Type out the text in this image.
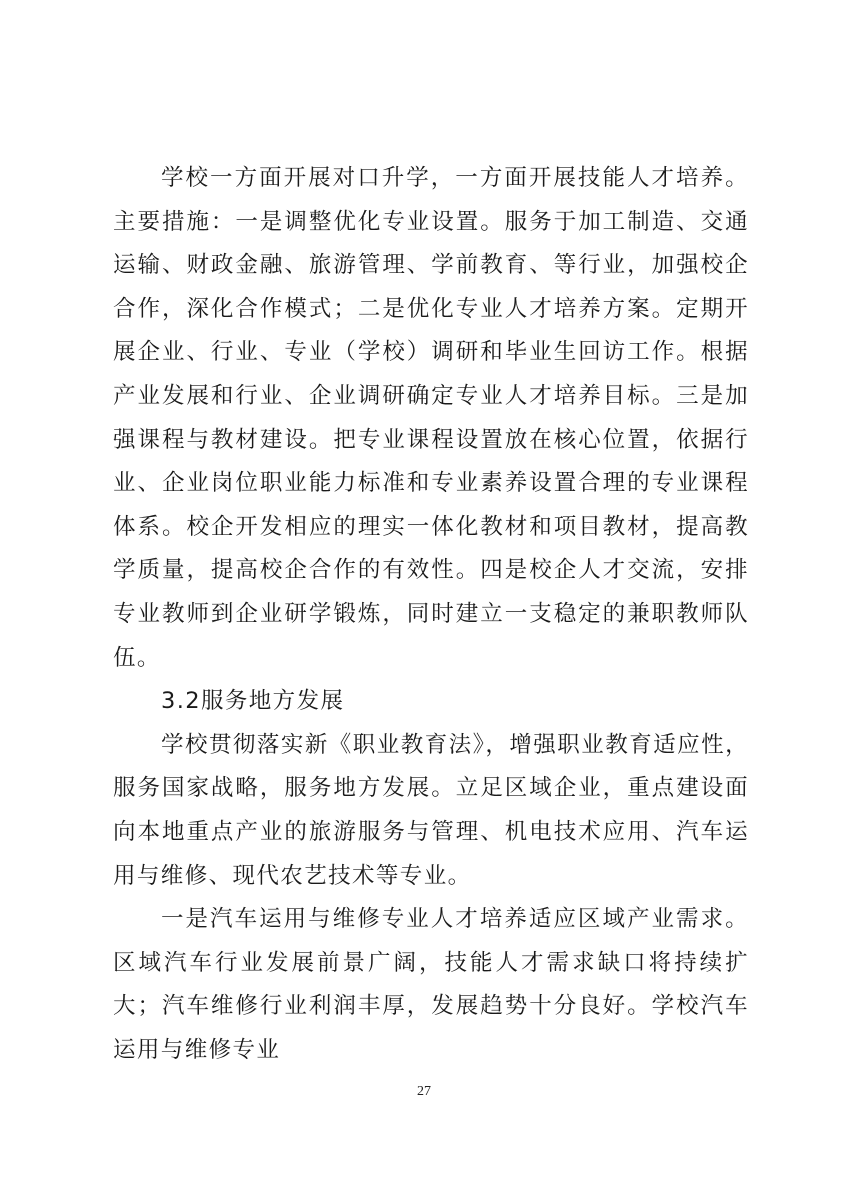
学校一方面开展对口升学，一方面开展技能人才培养。主要措施：一是调整优化专业设置。服务于加工制造、交通运输、财政金融、旅游管理、学前教育、等行业，加强校企合作，深化合作模式；二是优化专业人才培养方案。定期开展企业、行业、专业（学校）调研和毕业生回访工作。根据产业发展和行业、企业调研确定专业人才培养目标。三是加强课程与教材建设。把专业课程设置放在核心位置，依据行业、企业岗位职业能力标准和专业素养设置合理的专业课程体系。校企开发相应的理实一体化教材和项目教材，提高教学质量，提高校企合作的有效性。四是校企人才交流，安排专业教师到企业研学锻炼，同时建立一支稳定的兼职教师队伍。

3.2服务地方发展

学校贯彻落实新《职业教育法》，增强职业教育适应性，服务国家战略，服务地方发展。立足区域企业，重点建设面向本地重点产业的旅游服务与管理、机电技术应用、汽车运用与维修、现代农艺技术等专业。

一是汽车运用与维修专业人才培养适应区域产业需求。区域汽车行业发展前景广阔，技能人才需求缺口将持续扩大；汽车维修行业利润丰厚，发展趋势十分良好。学校汽车运用与维修专业

27
